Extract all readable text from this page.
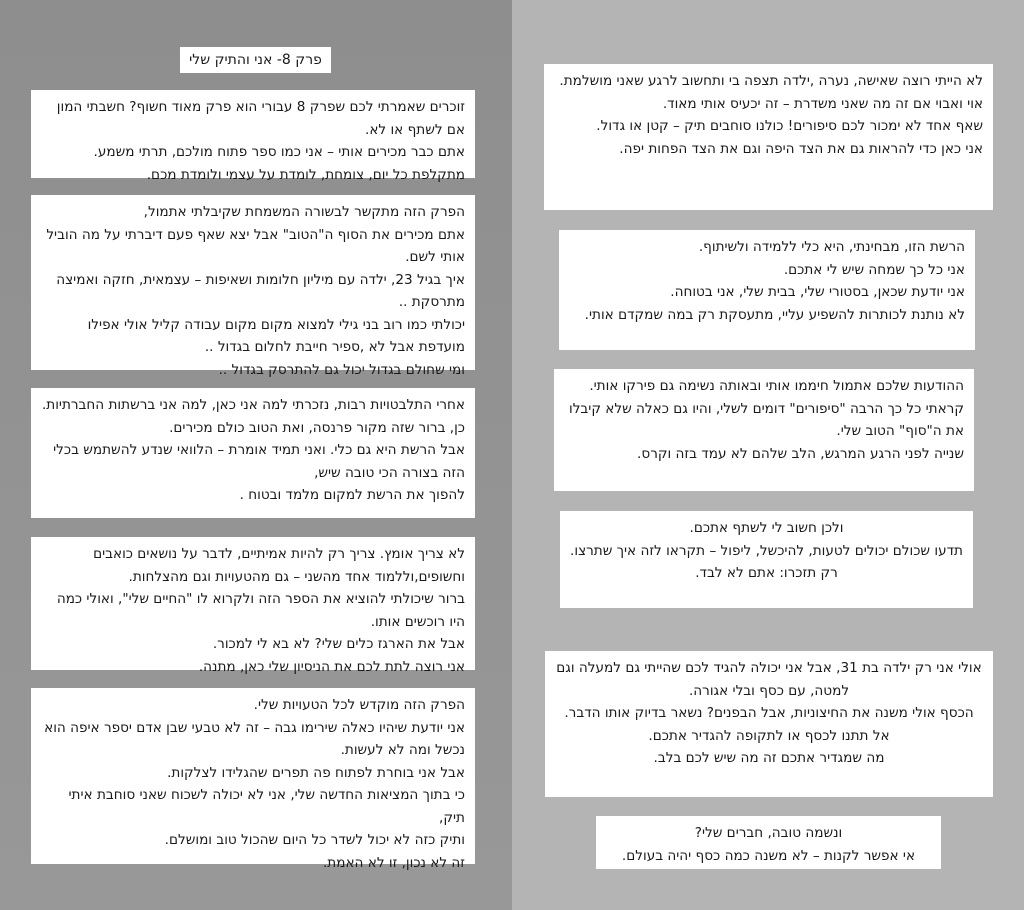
פרק 8- אני והתיק שלי

זוכרים שאמרתי לכם שפרק 8 עבורי הוא פרק מאוד חשוף? חשבתי המון אם לשתף או לא.

אתם כבר מכירים אותי – אני כמו ספר פתוח מולכם, תרתי משמע.

מתקלפת כל יום, צומחת, לומדת על עצמי ולומדת מכם.

הפרק הזה מתקשר לבשורה המשמחת שקיבלתי אתמול,

אתם מכירים את הסוף ה"הטוב" אבל יצא שאף פעם דיברתי על מה הוביל אותי לשם.

איך בגיל 23, ילדה עם מיליון חלומות ושאיפות – עצמאית, חזקה ואמיצה מתרסקת ..

יכולתי כמו רוב בני גילי למצוא מקום מקום עבודה קליל אולי אפילו מועדפת אבל לא ,ספיר חייבת לחלום בגדול ..

ומי שחולם בגדול יכול גם להתרסק בגדול ..

אחרי התלבטויות רבות, נזכרתי למה אני כאן, למה אני ברשתות החברתיות.

כן, ברור שזה מקור פרנסה, ואת הטוב כולם מכירים.

אבל הרשת היא גם כלי. ואני תמיד אומרת – הלוואי שנדע להשתמש בכלי הזה בצורה הכי טובה שיש,

להפוך את הרשת למקום מלמד ובטוח .

לא צריך אומץ. צריך רק להיות אמיתיים, לדבר על נושאים כואבים וחשופים,וללמוד אחד מהשני – גם מהטעויות וגם מהצלחות.

ברור שיכולתי להוציא את הספר הזה ולקרוא לו "החיים שלי", ואולי כמה היו רוכשים אותו.

אבל את הארגז כלים שלי? לא בא לי למכור.

אני רוצה לתת לכם את הניסיון שלי כאן, מתנה.

הפרק הזה מוקדש לכל הטעויות שלי.

אני יודעת שיהיו כאלה שירימו גבה – זה לא טבעי שבן אדם יספר איפה הוא נכשל ומה לא לעשות.

אבל אני בוחרת לפתוח פה תפרים שהגלידו לצלקות.

כי בתוך המציאות החדשה שלי, אני לא יכולה לשכוח שאני סוחבת איתי תיק,

ותיק כזה לא יכול לשדר כל היום שהכול טוב ומושלם.

זה לא נכון, זו לא האמת.

לא הייתי רוצה שאישה, נערה ,ילדה תצפה בי ותחשוב לרגע שאני מושלמת.

אוי ואבוי אם זה מה שאני משדרת – זה יכעיס אותי מאוד.

שאף אחד לא ימכור לכם סיפורים! כולנו סוחבים תיק – קטן או גדול.

אני כאן כדי להראות גם את הצד היפה וגם את הצד הפחות יפה.

הרשת הזו, מבחינתי, היא כלי ללמידה ולשיתוף.

אני כל כך שמחה שיש לי אתכם.

אני יודעת שכאן, בסטורי שלי, בבית שלי, אני בטוחה.

לא נותנת לכותרות להשפיע עליי, מתעסקת רק במה שמקדם אותי.

ההודעות שלכם אתמול חיממו אותי ובאותה נשימה גם פירקו אותי.

קראתי כל כך הרבה "סיפורים" דומים לשלי, והיו גם כאלה שלא קיבלו את ה"סוף" הטוב שלי.

שנייה לפני הרגע המרגש, הלב שלהם לא עמד בזה וקרס.

ולכן חשוב לי לשתף אתכם.

תדעו שכולם יכולים לטעות, להיכשל, ליפול – תקראו לזה איך שתרצו.

רק תזכרו: אתם לא לבד.

אולי אני רק ילדה בת 31, אבל אני יכולה להגיד לכם שהייתי גם למעלה וגם למטה, עם כסף ובלי אגורה.

הכסף אולי משנה את החיצוניות, אבל הבפנים? נשאר בדיוק אותו הדבר.

אל תתנו לכסף או לתקופה להגדיר אתכם.

מה שמגדיר אתכם זה מה שיש לכם בלב.

ונשמה טובה, חברים שלי?

אי אפשר לקנות – לא משנה כמה כסף יהיה בעולם.
